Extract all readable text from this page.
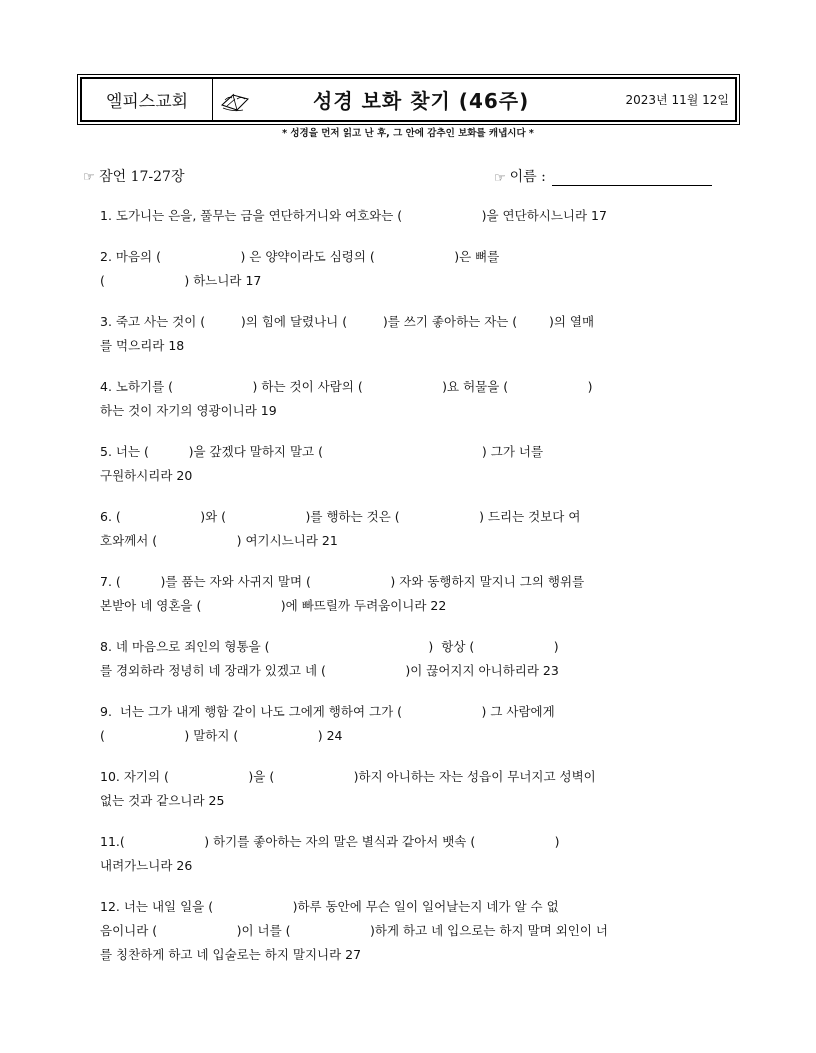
엘피스교회	성경 보화 찾기 (46주)	2023년 11월 12일
* 성경을 먼저 읽고 난 후, 그 안에 감추인 보화를 캐냅시다 *
☞ 잠언 17-27장	☞ 이름 :
1. 도가니는 은을, 풀무는 금을 연단하거니와 여호와는 (                    )을 연단하시느니라 17
2. 마음의 (                    ) 은 양약이라도 심령의 (                    )은 뼈를
(                    ) 하느니라 17
3. 죽고 사는 것이 (         )의 힘에 달렸나니 (         )를 쓰기 좋아하는 자는 (        )의 열매
를 먹으리라 18
4. 노하기를 (                    ) 하는 것이 사람의 (                    )요 허물을 (                    )
하는 것이 자기의 영광이니라 19
5. 너는 (          )을 갚겠다 말하지 말고 (                                        ) 그가 너를
구원하시리라 20
6. (                    )와 (                    )를 행하는 것은 (                    ) 드리는 것보다 여
호와께서 (                    ) 여기시느니라 21
7. (          )를 품는 자와 사귀지 말며 (                    ) 자와 동행하지 말지니 그의 행위를
본받아 네 영혼을 (                    )에 빠뜨릴까 두려움이니라 22
8. 네 마음으로 죄인의 형통을 (                                        )  항상 (                    )
를 경외하라 정녕히 네 장래가 있겠고 네 (                    )이 끊어지지 아니하리라 23
9.  너는 그가 내게 행함 같이 나도 그에게 행하여 그가 (                    ) 그 사람에게
(                    ) 말하지 (                    ) 24
10. 자기의 (                    )을 (                    )하지 아니하는 자는 성읍이 무너지고 성벽이
없는 것과 같으니라 25
11.(                    ) 하기를 좋아하는 자의 말은 별식과 같아서 뱃속 (                    )
내려가느니라 26
12. 너는 내일 일을 (                    )하루 동안에 무슨 일이 일어날는지 네가 알 수 없
음이니라 (                    )이 너를 (                    )하게 하고 네 입으로는 하지 말며 외인이 너
를 칭찬하게 하고 네 입술로는 하지 말지니라 27
